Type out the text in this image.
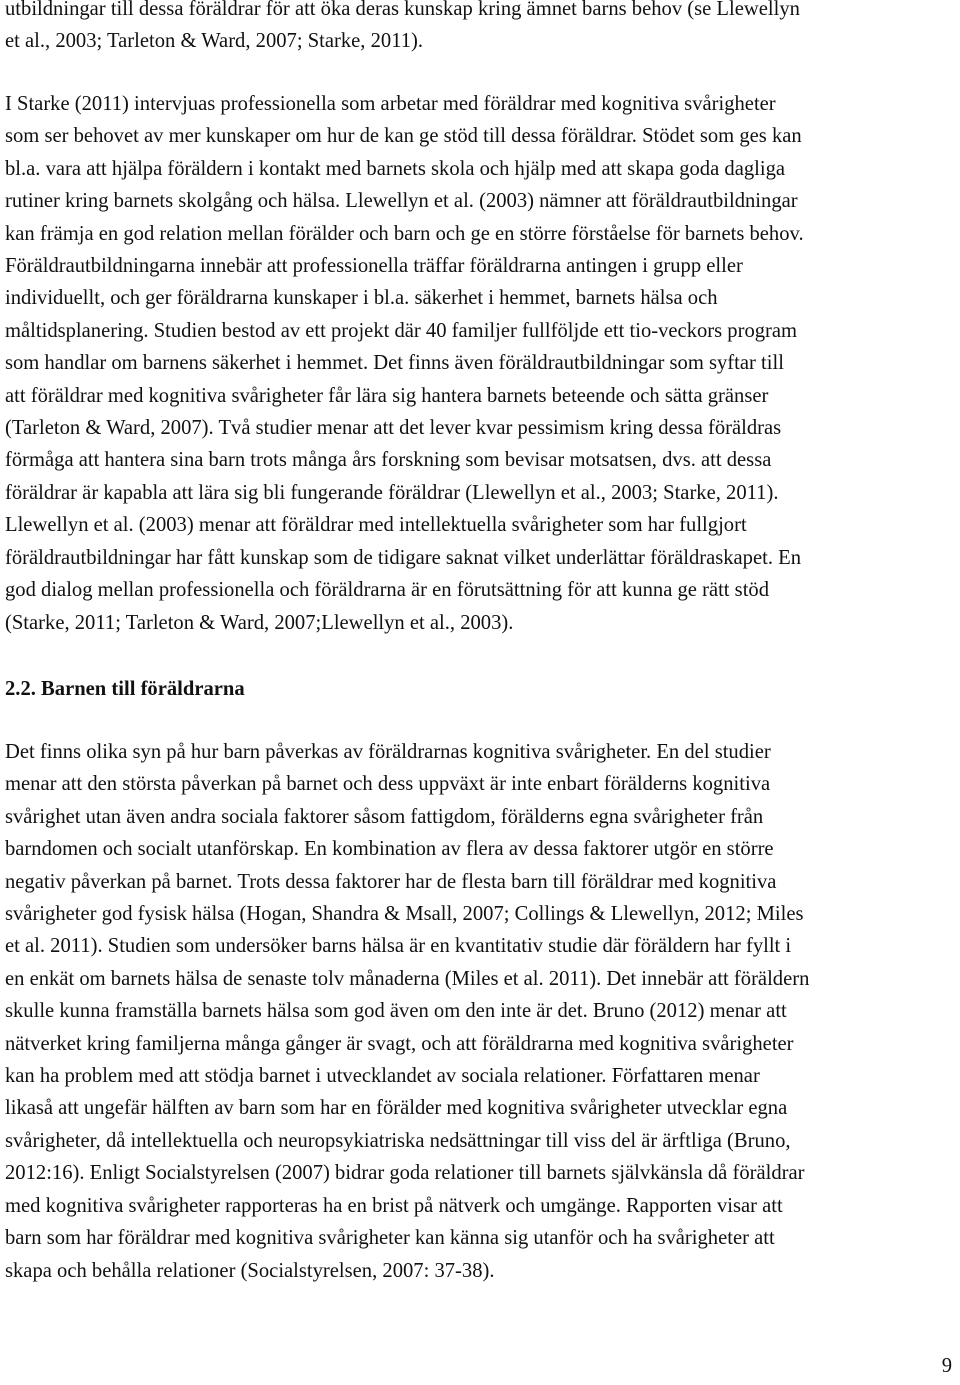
utbildningar till dessa föräldrar för att öka deras kunskap kring ämnet barns behov (se Llewellyn
et al., 2003; Tarleton & Ward, 2007; Starke, 2011).

I Starke (2011) intervjuas professionella som arbetar med föräldrar med kognitiva svårigheter
som ser behovet av mer kunskaper om hur de kan ge stöd till dessa föräldrar. Stödet som ges kan
bl.a. vara att hjälpa föräldern i kontakt med barnets skola och hjälp med att skapa goda dagliga
rutiner kring barnets skolgång och hälsa. Llewellyn et al. (2003) nämner att föräldrautbildningar
kan främja en god relation mellan förälder och barn och ge en större förståelse för barnets behov.
Föräldrautbildningarna innebär att professionella träffar föräldrarna antingen i grupp eller
individuellt, och ger föräldrarna kunskaper i bl.a. säkerhet i hemmet, barnets hälsa och
måltidsplanering. Studien bestod av ett projekt där 40 familjer fullföljde ett tio-veckors program
som handlar om barnens säkerhet i hemmet. Det finns även föräldrautbildningar som syftar till
att föräldrar med kognitiva svårigheter får lära sig hantera barnets beteende och sätta gränser
(Tarleton & Ward, 2007). Två studier menar att det lever kvar pessimism kring dessa föräldras
förmåga att hantera sina barn trots många års forskning som bevisar motsatsen, dvs. att dessa
föräldrar är kapabla att lära sig bli fungerande föräldrar (Llewellyn et al., 2003; Starke, 2011).
Llewellyn et al. (2003) menar att föräldrar med intellektuella svårigheter som har fullgjort
föräldrautbildningar har fått kunskap som de tidigare saknat vilket underlättar föräldraskapet. En
god dialog mellan professionella och föräldrarna är en förutsättning för att kunna ge rätt stöd
(Starke, 2011; Tarleton & Ward, 2007;Llewellyn et al., 2003).

2.2. Barnen till föräldrarna

Det finns olika syn på hur barn påverkas av föräldrarnas kognitiva svårigheter. En del studier
menar att den största påverkan på barnet och dess uppväxt är inte enbart förälderns kognitiva
svårighet utan även andra sociala faktorer såsom fattigdom, förälderns egna svårigheter från
barndomen och socialt utanförskap. En kombination av flera av dessa faktorer utgör en större
negativ påverkan på barnet. Trots dessa faktorer har de flesta barn till föräldrar med kognitiva
svårigheter god fysisk hälsa (Hogan, Shandra & Msall, 2007; Collings & Llewellyn, 2012; Miles
et al. 2011). Studien som undersöker barns hälsa är en kvantitativ studie där föräldern har fyllt i
en enkät om barnets hälsa de senaste tolv månaderna (Miles et al. 2011). Det innebär att föräldern
skulle kunna framställa barnets hälsa som god även om den inte är det. Bruno (2012) menar att
nätverket kring familjerna många gånger är svagt, och att föräldrarna med kognitiva svårigheter
kan ha problem med att stödja barnet i utvecklandet av sociala relationer. Författaren menar
likaså att ungefär hälften av barn som har en förälder med kognitiva svårigheter utvecklar egna
svårigheter, då intellektuella och neuropsykiatriska nedsättningar till viss del är ärftliga (Bruno,
2012:16). Enligt Socialstyrelsen (2007) bidrar goda relationer till barnets självkänsla då föräldrar
med kognitiva svårigheter rapporteras ha en brist på nätverk och umgänge. Rapporten visar att
barn som har föräldrar med kognitiva svårigheter kan känna sig utanför och ha svårigheter att
skapa och behålla relationer (Socialstyrelsen, 2007: 37-38).

9
